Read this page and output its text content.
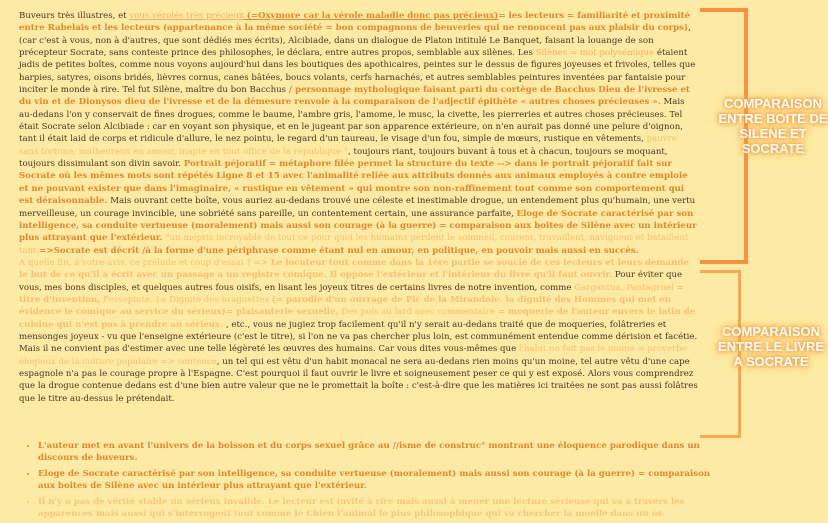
Buveurs très illustres, et vous vérolés très précieux (=Oxymore car la vérole maladie donc pas précieux)= les lecteurs = familiarité et proximité entre Rabelais et les lecteurs (appartenance à la même société = bon compagnons de beuveries qui ne renoncent pas aux plaisir du corps), (car c'est à vous, non à d'autres, que sont dédiés mes écrits), Alcibiade, dans un dialogue de Platon intitulé Le Banquet, faisant la louange de son précepteur Socrate, sans conteste prince des philosophes, le déclara, entre autres propos, semblable aux silènes. Les Silènes = mot polysémique étaient jadis de petites boîtes, comme nous voyons aujourd'hui dans les boutiques des apothicaires, peintes sur le dessus de figures joyeuses et frivoles, telles que harpies, satyres, oisons bridés, lièvres cornus, canes bâtées, boucs volants, cerfs harnachés, et autres semblables peintures inventées par fantaisie pour inciter le monde à rire. Tel fut Silène, maître du bon Bacchus / personnage mythologique faisant parti du cortège de Bacchus Dieu de l'ivresse et du vin et de Dionysos dieu de l'ivresse et de la démesure renvoie à la comparaison de l'adjectif épithète « autres choses précieuses ». Mais au-dedans l'on y conservait de fines drogues, comme le baume, l'ambre gris, l'amome, le musc, la civette, les pierreries et autres choses précieuses. Tel était Socrate selon Alcibiade : car en voyant son physique, et en le jugeant par son apparence extérieure, on n'en aurait pas donné une pelure d'oignon, tant il était laid de corps et ridicule d'allure, le nez pointu, le regard d'un taureau, le visage d'un fou, simple de mœurs, rustique en vêtements, pauvre sans fortune, malheureux en amour, inapte en tout office de la république °, toujours riant, toujours buvant à tous et à chacun, toujours se moquant, toujours dissimulant son divin savoir. Portrait péjoratif = métaphore filée permet la structure du texte --> dans le portrait péjoratif fait sur Socrate où les mêmes mots sont répétés Ligne 8 et 15 avec l'animalité reliée aux attributs donnés aux animaux employés à contre emploie et ne pouvant exister que dans l'imaginaire, « rustique en vêtement » qui montre son non-raffinement tout comme son comportement qui est déraisonnable. Mais ouvrant cette boîte, vous auriez au-dedans trouvé une céleste et inestimable drogue, un entendement plus qu'humain, une vertu merveilleuse, un courage invincible, une sobriété sans pareille, un contentement certain, une assurance parfaite, Eloge de Socrate caractérisé par son intelligence, sa conduite vertueuse (moralement) mais aussi son courage (à la guerre) = comparaison aux boites de Silène avec un intérieur plus attrayant que l'extérieur. °un mépris incroyable de tout ce pour quoi les humains perdent le sommeil, courent, travaillent, naviguent et bataillent tant.=>Socrate est décrit /à la forme d'une périphrase comme étant nul en amour, en politique, en pouvoir mais aussi en succès.

A quelle fin, à votre avis, ce prélude et coup d'essai ? => Le locuteur tout comme dans la 1ère partie se soucie de ces lecteurs et leurs demande le but de ce qu'il a écrit avec un passage a un registre comique. Il oppose l'extérieur et l'intérieur du livre qu'il faut ouvrir. Pour éviter que vous, mes bons disciples, et quelques autres fous oisifs, en lisant les joyeux titres de certains livres de notre invention, comme Gargantua, Pantagruel = titre d'invention, Fessepinte, La Dignité des braguettes (= parodie d'un ouvrage de Pic de la Mirandole, la dignité des Hommes qui met en évidence le comique au service du sérieux)= plaisanterie sexuelle, Des pois au lard avec commentaire = moquerie de l'auteur envers le latin de cuisine qui n'est pas à prendre au sérieux. , etc., vous ne jugiez trop facilement qu'il n'y serait au-dedans traité que de moqueries, folâtreries et mensonges joyeux - vu que l'enseigne extérieure (c'est le titre), si l'on ne va pas chercher plus loin, est communément entendue comme dérision et facétie. Mais il ne convient pas d'estimer avec une telle légèreté les œuvres des humains. Car vous dites vous-mêmes que l'habit ne fait pas le moine = proverbe élogieux de la culture populaire => sentence, un tel qui est vêtu d'un habit monacal ne sera au-dedans rien moins qu'un moine, tel autre vêtu d'une cape espagnole n'a pas le courage propre à l'Espagne. C'est pourquoi il faut ouvrir le livre et soigneusement peser ce qui y est exposé. Alors vous comprendrez que la drogue contenue dedans est d'une bien autre valeur que ne le promettait la boîte : c'est-à-dire que les matières ici traitées ne sont pas aussi folâtres que le titre au-dessus le prétendait.

• L'auteur met en avant l'univers de la boisson et du corps sexuel grâce au //isme de construc° montrant une éloquence parodique dans un discours de buveurs.
• Eloge de Socrate caractérisé par son intelligence, sa conduite vertueuse (moralement) mais aussi son courage (à la guerre) = comparaison aux boites de Silène avec un intérieur plus attrayant que l'extérieur.
• Il n'y a pas de vérité stable un sérieux invalidé. Le lecteur est invité à rire mais aussi à mener une lecture sérieuse qui va à travers les apparences mais aussi qui s'interrogent tout comme le Chien l'animal le plus philosophique qui va chercher la moelle dans un os.
COMPARAISON ENTRE BOITE DE SILENE ET SOCRATE
COMPARAISON ENTRE LE LIVRE A SOCRATE
